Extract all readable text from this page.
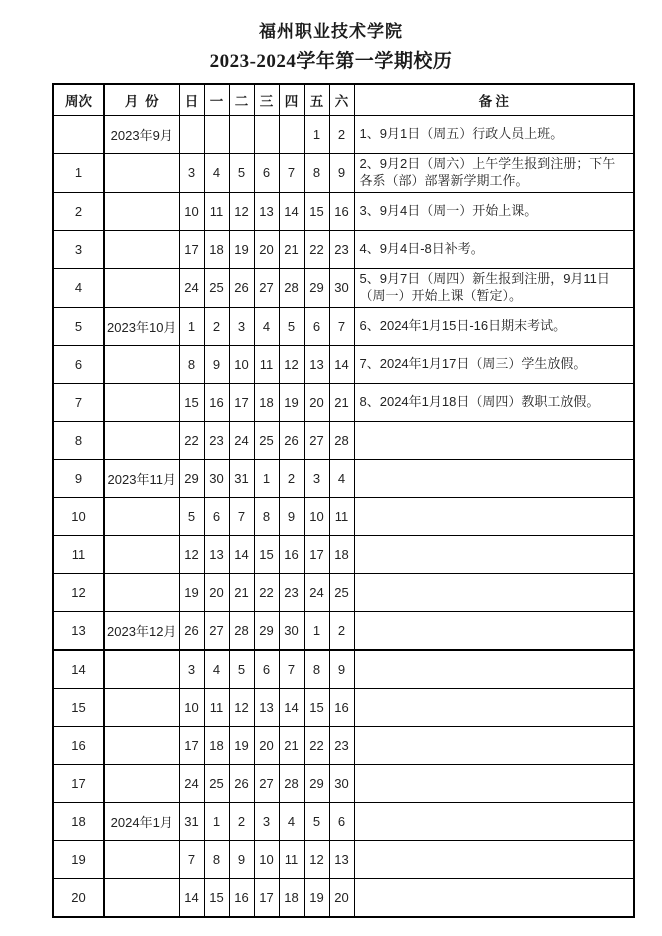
福州职业技术学院
2023-2024学年第一学期校历
周次	月  份	日	一	二	三	四	五	六	备 注
	2023年9月						1	2	1、9月1日（周五）行政人员上班。
1		3	4	5	6	7	8	9	2、9月2日（周六）上午学生报到注册；下午各系（部）部署新学期工作。
2		10	11	12	13	14	15	16	3、9月4日（周一）开始上课。
3		17	18	19	20	21	22	23	4、9月4日-8日补考。
4		24	25	26	27	28	29	30	5、9月7日（周四）新生报到注册，9月11日（周一）开始上课（暂定）。
5	2023年10月	1	2	3	4	5	6	7	6、2024年1月15日-16日期末考试。
6		8	9	10	11	12	13	14	7、2024年1月17日（周三）学生放假。
7		15	16	17	18	19	20	21	8、2024年1月18日（周四）教职工放假。
8		22	23	24	25	26	27	28	
9	2023年11月	29	30	31	1	2	3	4	
10		5	6	7	8	9	10	11	
11		12	13	14	15	16	17	18	
12		19	20	21	22	23	24	25	
13	2023年12月	26	27	28	29	30	1	2	
14		3	4	5	6	7	8	9	
15		10	11	12	13	14	15	16	
16		17	18	19	20	21	22	23	
17		24	25	26	27	28	29	30	
18	2024年1月	31	1	2	3	4	5	6	
19		7	8	9	10	11	12	13	
20		14	15	16	17	18	19	20	
